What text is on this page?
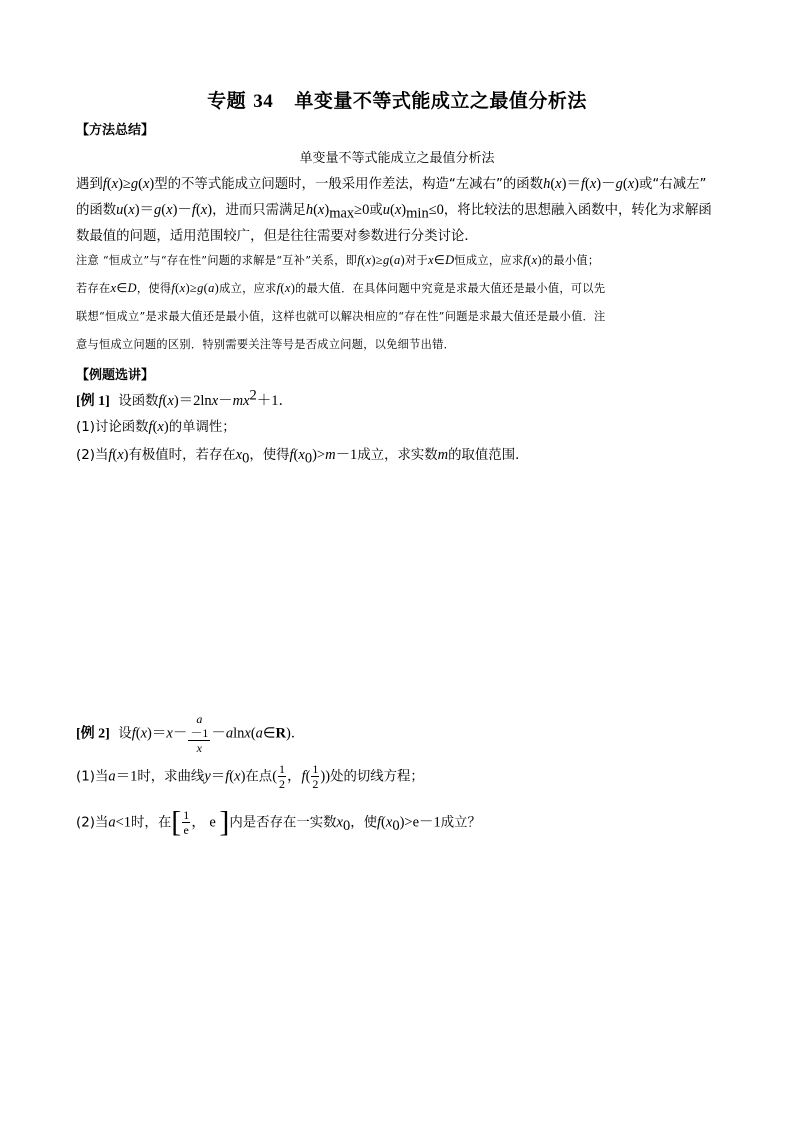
专题 34 单变量不等式能成立之最值分析法
【方法总结】
单变量不等式能成立之最值分析法
遇到f(x)≥g(x)型的不等式能成立问题时，一般采用作差法，构造“左减右”的函数h(x)＝f(x)－g(x)或“右减左”
的函数u(x)＝g(x)－f(x)，进而只需满足$h(x)_{max}\ge 0$或$u(x)_{min}\le 0$，将比较法的思想融入函数中，转化为求解函
数最值的问题，适用范围较广，但是往往需要对参数进行分类讨论．
注意 “恒成立”与“存在性”问题的求解是“互补”关系，即f(x)≥g(a)对于x∈D恒成立，应求f(x)的最小值；
若存在x∈D，使得f(x)≥g(a)成立，应求f(x)的最大值．在具体问题中究竟是求最大值还是最小值，可以先
联想“恒成立”是求最大值还是最小值，这样也就可以解决相应的“存在性”问题是求最大值还是最小值．注
意与恒成立问题的区别．特别需要关注等号是否成立问题，以免细节出错．
【例题选讲】
[例 1] 设函数$f(x)=2\ln x-mx^2+1$．
(1)讨论函数f(x)的单调性；
(2)当f(x)有极值时，若存在$x_0$，使得$f(x_0)>m-1$成立，求实数m的取值范围．
[例 2] 设f(x)＝x－ a
－1
x －alnx(a∈R)．
(1)当a＝1时，求曲线y＝f(x)在点( $\frac{1}{2}$ ，$f( \frac{1}{2}$ ))处的切线方程；
(2)当a<1时，在[ $\frac{1}{e}$ ， e ]内是否存在一实数$x_0$，使$f(x_0)>e-1$成立？
